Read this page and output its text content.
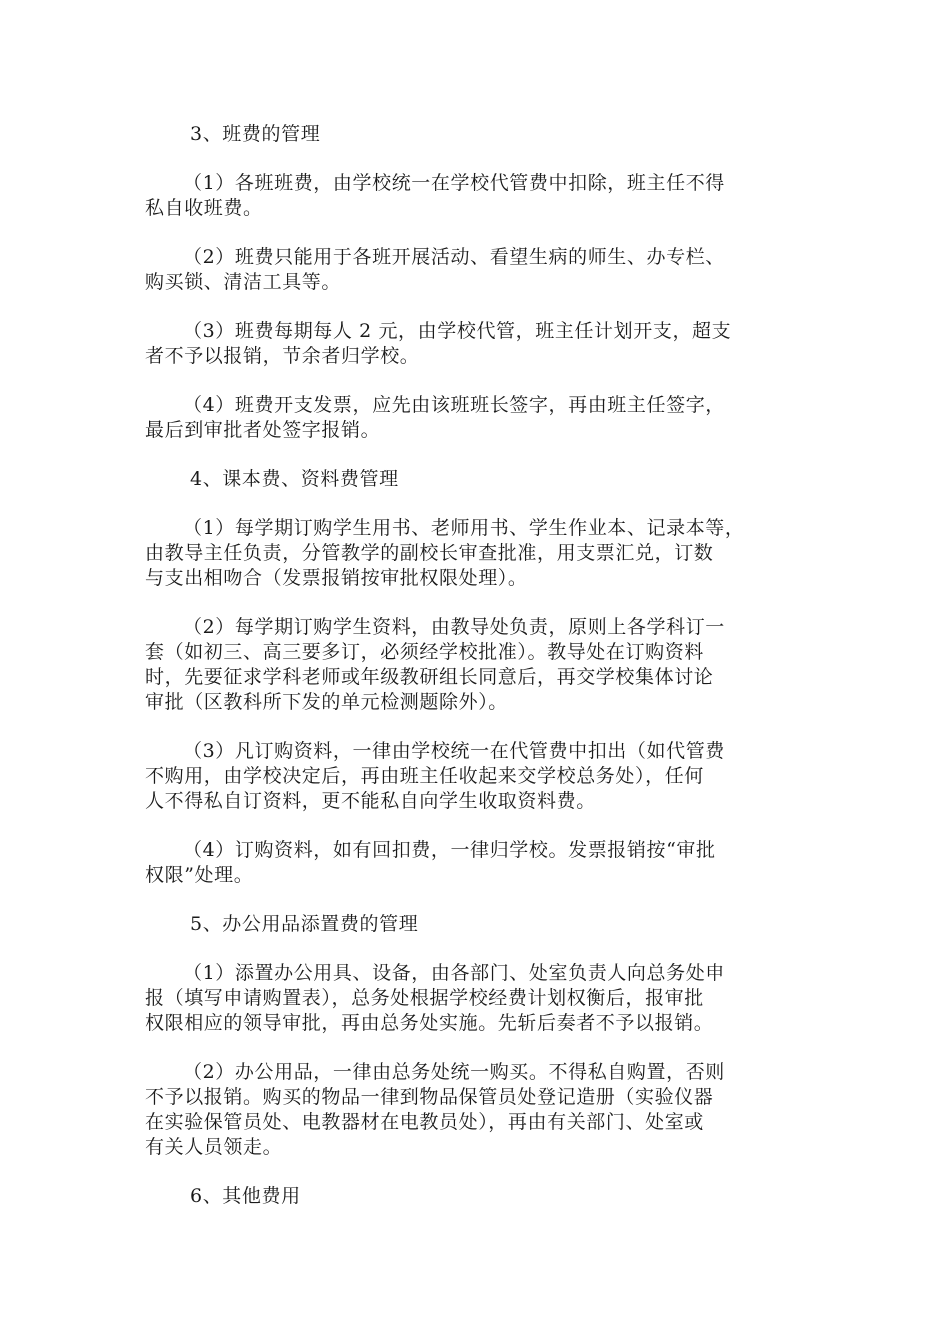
3、班费的管理
（1）各班班费，由学校统一在学校代管费中扣除，班主任不得
私自收班费。
（2）班费只能用于各班开展活动、看望生病的师生、办专栏、
购买锁、清洁工具等。
（3）班费每期每人 2 元，由学校代管，班主任计划开支，超支
者不予以报销，节余者归学校。
（4）班费开支发票，应先由该班班长签字，再由班主任签字，
最后到审批者处签字报销。
4、课本费、资料费管理
（1）每学期订购学生用书、老师用书、学生作业本、记录本等，
由教导主任负责，分管教学的副校长审查批准，用支票汇兑，订数
与支出相吻合（发票报销按审批权限处理）。
（2）每学期订购学生资料，由教导处负责，原则上各学科订一
套（如初三、高三要多订，必须经学校批准）。教导处在订购资料
时，先要征求学科老师或年级教研组长同意后，再交学校集体讨论
审批（区教科所下发的单元检测题除外）。
（3）凡订购资料，一律由学校统一在代管费中扣出（如代管费
不购用，由学校决定后，再由班主任收起来交学校总务处），任何
人不得私自订资料，更不能私自向学生收取资料费。
（4）订购资料，如有回扣费，一律归学校。发票报销按“审批
权限”处理。
5、办公用品添置费的管理
（1）添置办公用具、设备，由各部门、处室负责人向总务处申
报（填写申请购置表），总务处根据学校经费计划权衡后，报审批
权限相应的领导审批，再由总务处实施。先斩后奏者不予以报销。
（2）办公用品，一律由总务处统一购买。不得私自购置，否则
不予以报销。购买的物品一律到物品保管员处登记造册（实验仪器
在实验保管员处、电教器材在电教员处），再由有关部门、处室或
有关人员领走。
6、其他费用
